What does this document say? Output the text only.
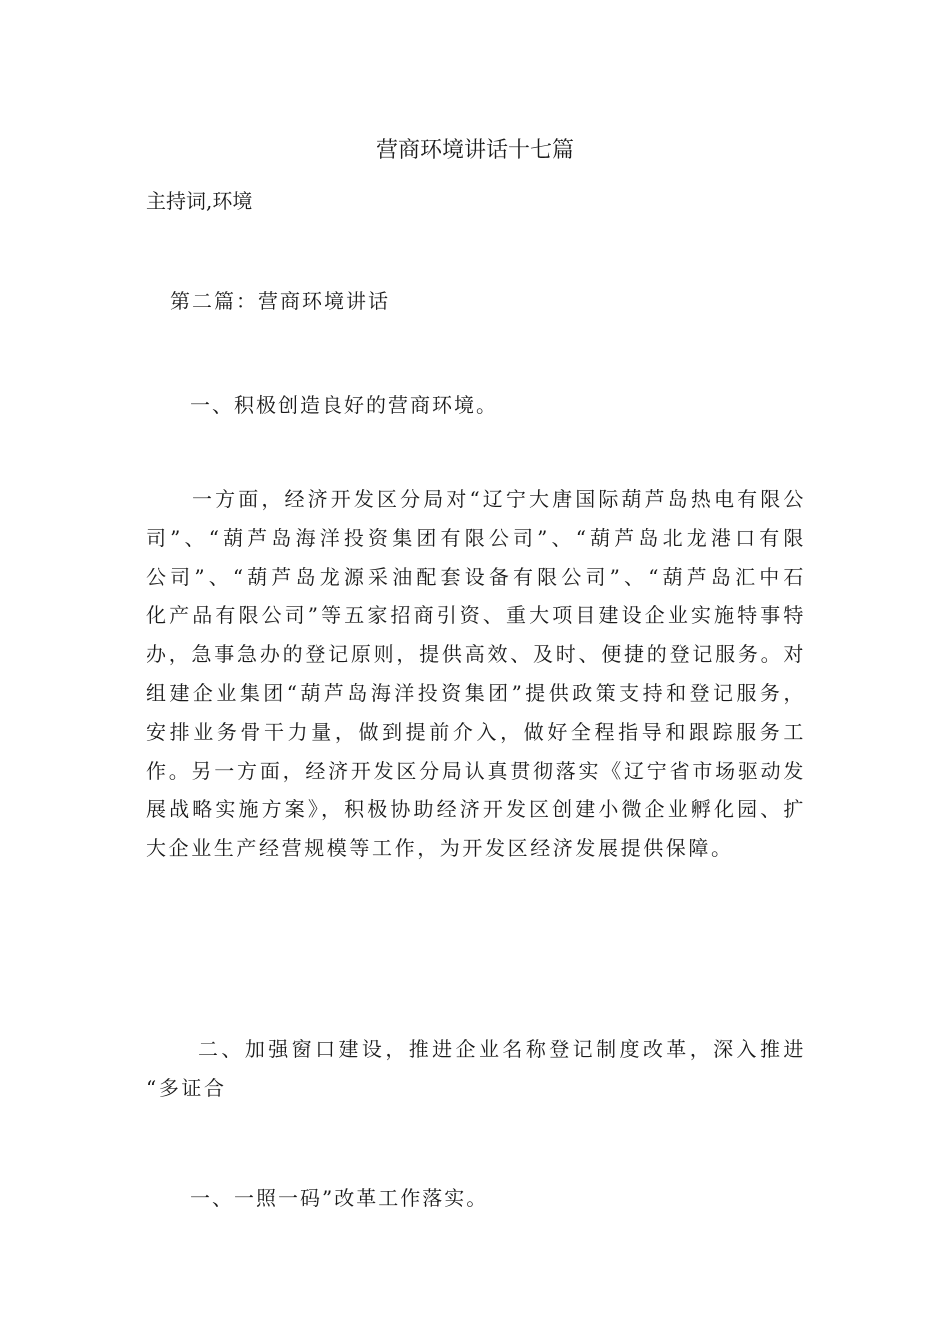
营商环境讲话十七篇

主持词,环境

第二篇：营商环境讲话

一、积极创造良好的营商环境。

一方面，经济开发区分局对“辽宁大唐国际葫芦岛热电有限公
司”、“葫芦岛海洋投资集团有限公司”、“葫芦岛北龙港口有限
公司”、“葫芦岛龙源采油配套设备有限公司”、“葫芦岛汇中石
化产品有限公司”等五家招商引资、重大项目建设企业实施特事特
办，急事急办的登记原则，提供高效、及时、便捷的登记服务。对
组建企业集团“葫芦岛海洋投资集团”提供政策支持和登记服务，
安排业务骨干力量，做到提前介入，做好全程指导和跟踪服务工
作。另一方面，经济开发区分局认真贯彻落实《辽宁省市场驱动发
展战略实施方案》，积极协助经济开发区创建小微企业孵化园、扩
大企业生产经营规模等工作，为开发区经济发展提供保障。
二、加强窗口建设，推进企业名称登记制度改革，深入推进
“多证合

一、一照一码”改革工作落实。
